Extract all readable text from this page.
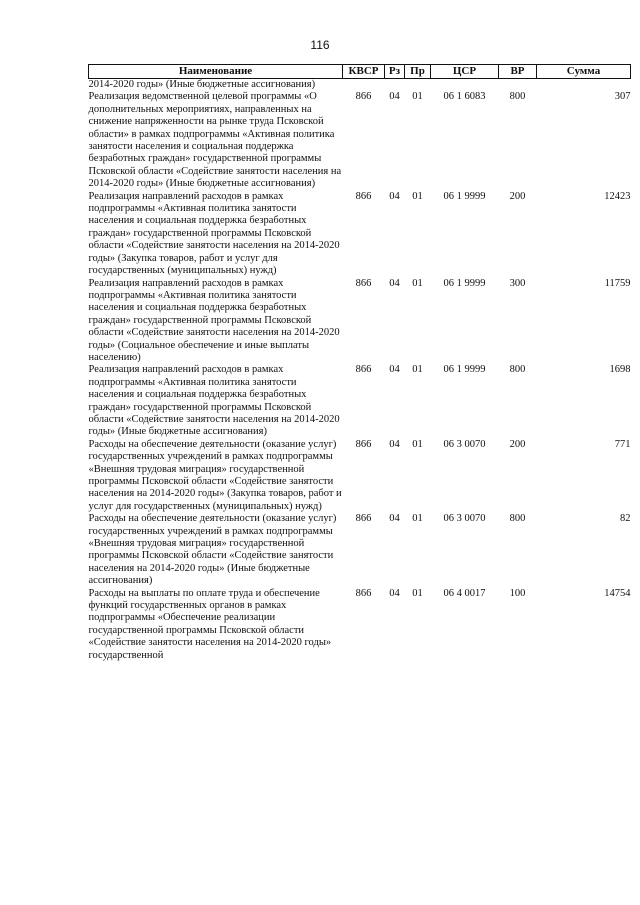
116
Наименование	КВСР	Рз	Пр	ЦСР	ВР	Сумма
2014-2020 годы» (Иные бюджетные ассигнования)						
Реализация ведомственной целевой программы «О дополнительных мероприятиях, направленных на снижение напряженности на рынке труда Псковской области» в рамках подпрограммы «Активная политика занятости населения и социальная поддержка безработных граждан» государственной программы Псковской области «Содействие занятости населения на 2014-2020 годы» (Иные бюджетные ассигнования)	866	04	01	06 1 6083	800	307
Реализация направлений расходов в рамках подпрограммы «Активная политика занятости населения и социальная поддержка безработных граждан» государственной программы Псковской области «Содействие занятости населения на 2014-2020 годы» (Закупка товаров, работ и услуг для государственных (муниципальных) нужд)	866	04	01	06 1 9999	200	12423
Реализация направлений расходов в рамках подпрограммы «Активная политика занятости населения и социальная поддержка безработных граждан» государственной программы Псковской области «Содействие занятости населения на 2014-2020 годы» (Социальное обеспечение и иные выплаты населению)	866	04	01	06 1 9999	300	11759
Реализация направлений расходов в рамках подпрограммы «Активная политика занятости населения и социальная поддержка безработных граждан» государственной программы Псковской области «Содействие занятости населения на 2014-2020 годы» (Иные бюджетные ассигнования)	866	04	01	06 1 9999	800	1698
Расходы на обеспечение деятельности (оказание услуг) государственных учреждений в рамках подпрограммы «Внешняя трудовая миграция» государственной программы Псковской области «Содействие занятости населения на 2014-2020 годы» (Закупка товаров, работ и услуг для государственных (муниципальных) нужд)	866	04	01	06 3 0070	200	771
Расходы на обеспечение деятельности (оказание услуг) государственных учреждений в рамках подпрограммы «Внешняя трудовая миграция» государственной программы Псковской области «Содействие занятости населения на 2014-2020 годы» (Иные бюджетные ассигнования)	866	04	01	06 3 0070	800	82
Расходы на выплаты по оплате труда и обеспечение функций государственных органов в рамках подпрограммы «Обеспечение реализации государственной программы Псковской области «Содействие занятости населения на 2014-2020 годы» государственной	866	04	01	06 4 0017	100	14754
